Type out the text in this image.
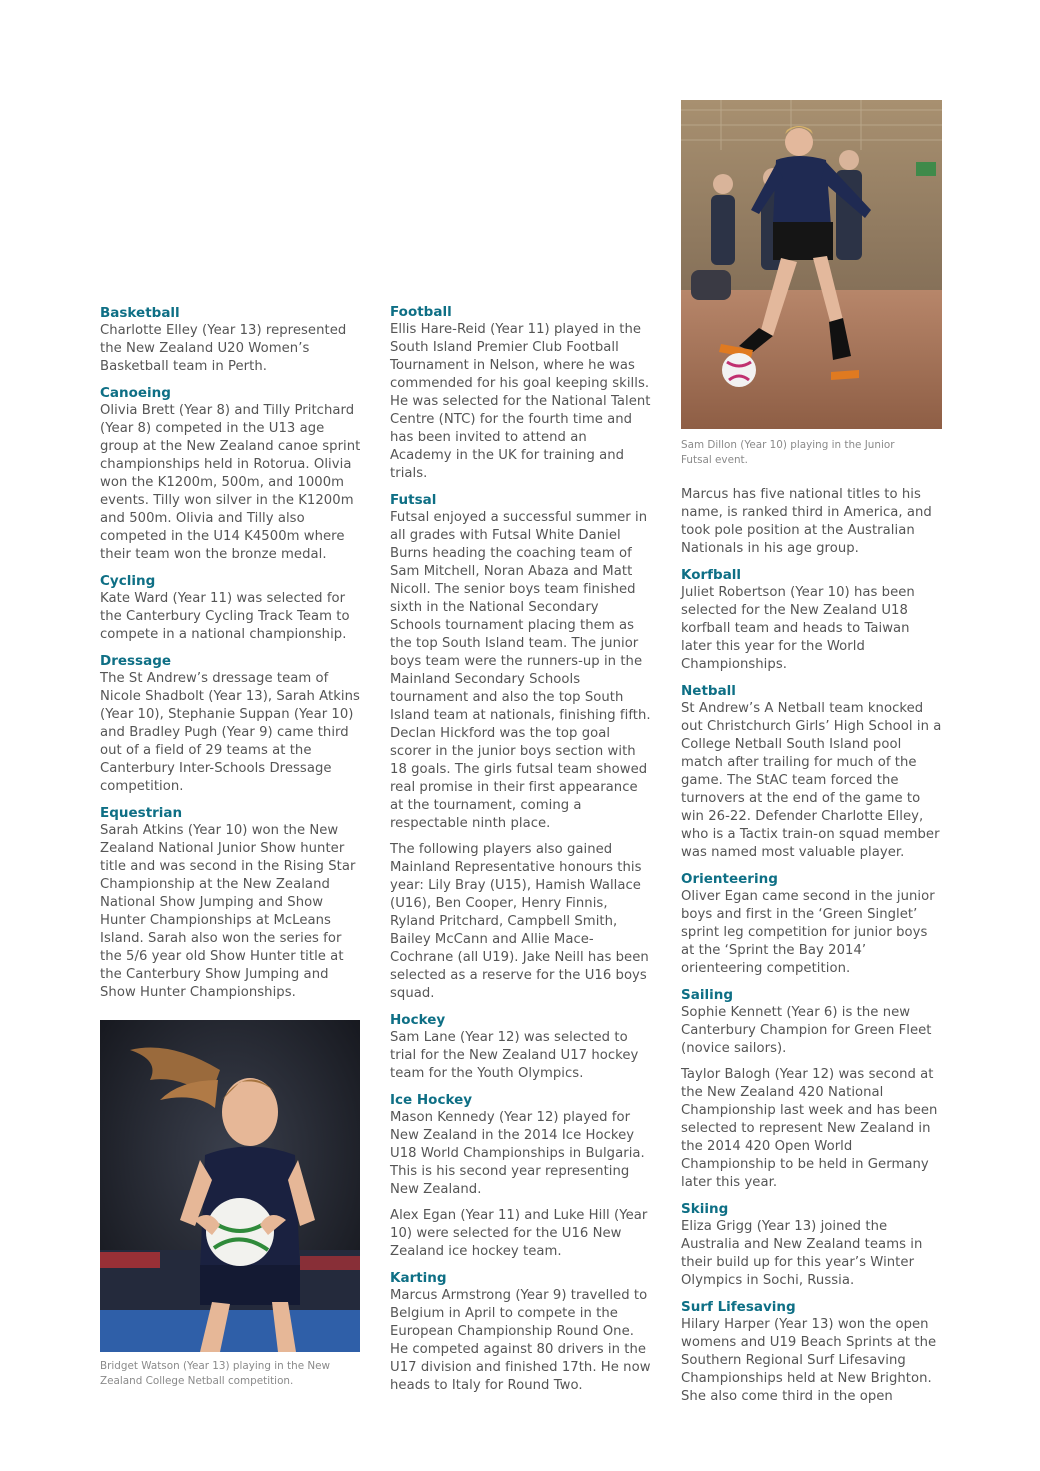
Sam Dillon (Year 10) playing in the Junior Futsal event.
Bridget Watson (Year 13) playing in the New Zealand College Netball competition.
Basketball
Charlotte Elley (Year 13) represented the New Zealand U20 Women’s Basketball team in Perth.
Canoeing
Olivia Brett (Year 8) and Tilly Pritchard (Year 8) competed in the U13 age group at the New Zealand canoe sprint championships held in Rotorua. Olivia won the K1200m, 500m, and 1000m events. Tilly won silver in the K1200m and 500m. Olivia and Tilly also competed in the U14 K4500m where their team won the bronze medal.
Cycling
Kate Ward (Year 11) was selected for the Canterbury Cycling Track Team to compete in a national championship.
Dressage
The St Andrew’s dressage team of Nicole Shadbolt (Year 13), Sarah Atkins (Year 10), Stephanie Suppan (Year 10) and Bradley Pugh (Year 9) came third out of a field of 29 teams at the Canterbury Inter-Schools Dressage competition.
Equestrian
Sarah Atkins (Year 10) won the New Zealand National Junior Show hunter title and was second in the Rising Star Championship at the New Zealand National Show Jumping and Show Hunter Championships at McLeans Island. Sarah also won the series for the 5/6 year old Show Hunter title at the Canterbury Show Jumping and Show Hunter Championships.
Football
Ellis Hare-Reid (Year 11) played in the South Island Premier Club Football Tournament in Nelson, where he was commended for his goal keeping skills. He was selected for the National Talent Centre (NTC) for the fourth time and has been invited to attend an Academy in the UK for training and trials.
Futsal
Futsal enjoyed a successful summer in all grades with Futsal White Daniel Burns heading the coaching team of Sam Mitchell, Noran Abaza and Matt Nicoll. The senior boys team finished sixth in the National Secondary Schools tournament placing them as the top South Island team. The junior boys team were the runners-up in the Mainland Secondary Schools tournament and also the top South Island team at nationals, finishing fifth. Declan Hickford was the top goal scorer in the junior boys section with 18 goals. The girls futsal team showed real promise in their first appearance at the tournament, coming a respectable ninth place.
The following players also gained Mainland Representative honours this year: Lily Bray (U15), Hamish Wallace (U16), Ben Cooper, Henry Finnis, Ryland Pritchard, Campbell Smith, Bailey McCann and Allie Mace-Cochrane (all U19). Jake Neill has been selected as a reserve for the U16 boys squad.
Hockey
Sam Lane (Year 12) was selected to trial for the New Zealand U17 hockey team for the Youth Olympics.
Ice Hockey
Mason Kennedy (Year 12) played for New Zealand in the 2014 Ice Hockey U18 World Championships in Bulgaria. This is his second year representing New Zealand.
Alex Egan (Year 11) and Luke Hill (Year 10) were selected for the U16 New Zealand ice hockey team.
Karting
Marcus Armstrong (Year 9) travelled to Belgium in April to compete in the European Championship Round One. He competed against 80 drivers in the U17 division and finished 17th. He now heads to Italy for Round Two.
Marcus has five national titles to his name, is ranked third in America, and took pole position at the Australian Nationals in his age group.
Korfball
Juliet Robertson (Year 10) has been selected for the New Zealand U18 korfball team and heads to Taiwan later this year for the World Championships.
Netball
St Andrew’s A Netball team knocked out Christchurch Girls’ High School in a College Netball South Island pool match after trailing for much of the game. The StAC team forced the turnovers at the end of the game to win 26-22. Defender Charlotte Elley, who is a Tactix train-on squad member was named most valuable player.
Orienteering
Oliver Egan came second in the junior boys and first in the ‘Green Singlet’ sprint leg competition for junior boys at the ‘Sprint the Bay 2014’ orienteering competition.
Sailing
Sophie Kennett (Year 6) is the new Canterbury Champion for Green Fleet (novice sailors).
Taylor Balogh (Year 12) was second at the New Zealand 420 National Championship last week and has been selected to represent New Zealand in the 2014 420 Open World Championship to be held in Germany later this year.
Skiing
Eliza Grigg (Year 13) joined the Australia and New Zealand teams in their build up for this year’s Winter Olympics in Sochi, Russia.
Surf Lifesaving
Hilary Harper (Year 13) won the open womens and U19 Beach Sprints at the Southern Regional Surf Lifesaving Championships held at New Brighton. She also come third in the open
